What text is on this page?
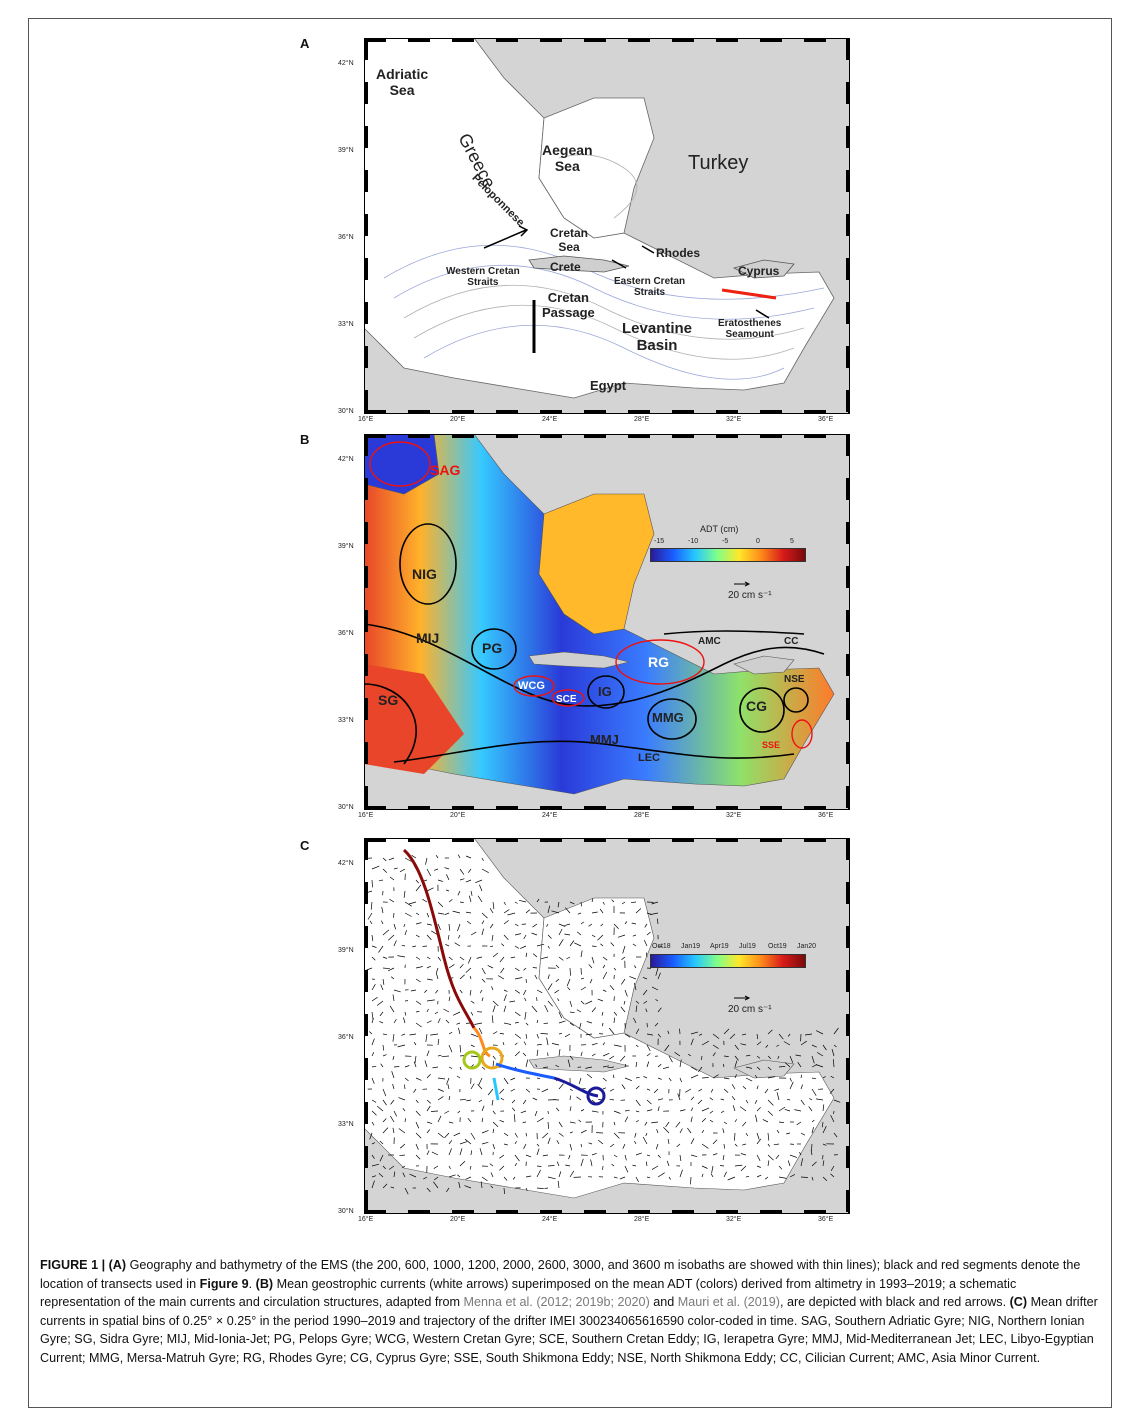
A
Adriatic
Sea
Greece
Peloponnese
Aegean
Sea	Turkey
Cretan
Sea
Crete
Rhodes
Cyprus
Western Cretan
Straits	Eastern Cretan
Straits
Cretan
Passage
Levantine
Basin
Eratosthenes
Seamount
Egypt
B
ADT (cm)
-15	-10	-5	0	5
20 cm s⁻¹
SAG
NIG
MIJ
PG
SG
WCG
SCE
IG
RG
AMC	CC
NSE
CG
SSE
MMG
MMJ
LEC
C
Oct18 Jan19 Apr19 Jul19 Oct19 Jan20
20 cm s⁻¹
30°N
33°N
36°N
39°N
42°N
16°E	20°E	24°E	28°E	32°E	36°E
30°N
33°N
36°N
39°N
42°N
16°E	20°E	24°E	28°E	32°E	36°E
30°N
33°N
36°N
39°N
42°N
16°E	20°E	24°E	28°E	32°E	36°E
FIGURE 1 | (A) Geography and bathymetry of the EMS (the 200, 600, 1000, 1200, 2000, 2600, 3000, and 3600 m isobaths are showed with thin lines); black and red segments denote the location of transects used in Figure 9. (B) Mean geostrophic currents (white arrows) superimposed on the mean ADT (colors) derived from altimetry in 1993–2019; a schematic representation of the main currents and circulation structures, adapted from Menna et al. (2012; 2019b; 2020) and Mauri et al. (2019), are depicted with black and red arrows. (C) Mean drifter currents in spatial bins of 0.25° × 0.25° in the period 1990–2019 and trajectory of the drifter IMEI 300234065616590 color-coded in time. SAG, Southern Adriatic Gyre; NIG, Northern Ionian Gyre; SG, Sidra Gyre; MIJ, Mid-Ionia-Jet; PG, Pelops Gyre; WCG, Western Cretan Gyre; SCE, Southern Cretan Eddy; IG, Ierapetra Gyre; MMJ, Mid-Mediterranean Jet; LEC, Libyo-Egyptian Current; MMG, Mersa-Matruh Gyre; RG, Rhodes Gyre; CG, Cyprus Gyre; SSE, South Shikmona Eddy; NSE, North Shikmona Eddy; CC, Cilician Current; AMC, Asia Minor Current.
